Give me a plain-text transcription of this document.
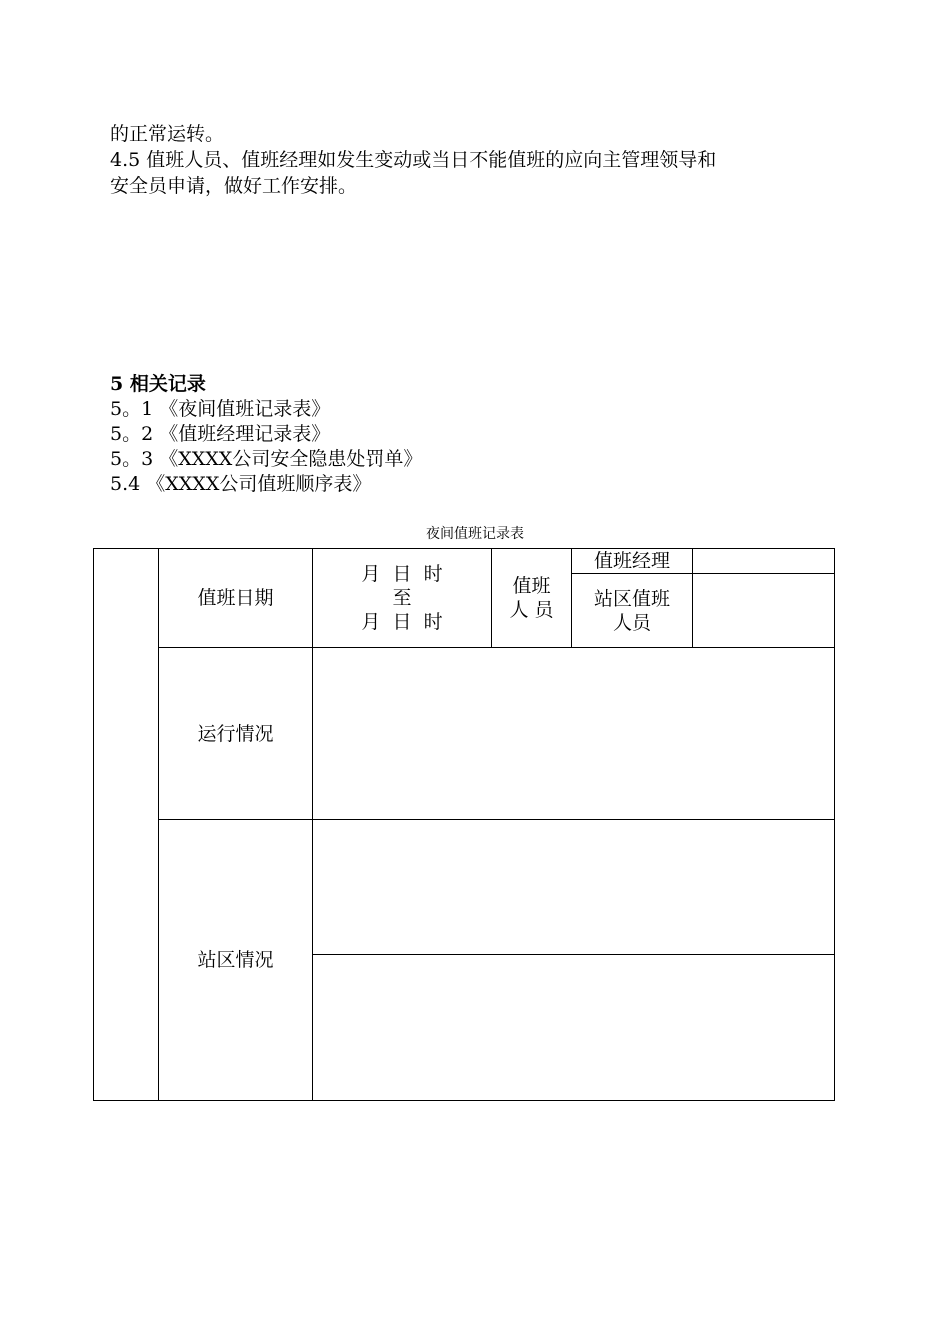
的正常运转。
4.5 值班人员、值班经理如发生变动或当日不能值班的应向主管理领导和
安全员申请，做好工作安排。
5 相关记录
5。1 《夜间值班记录表》
5。2 《值班经理记录表》
5。3 《XXXX公司安全隐患处罚单》
5.4 《XXXX公司值班顺序表》
夜间值班记录表
值班日期
月  日  时
至
月  日  时
值班
人 员
值班经理
站区值班
人员
运行情况
站区情况
